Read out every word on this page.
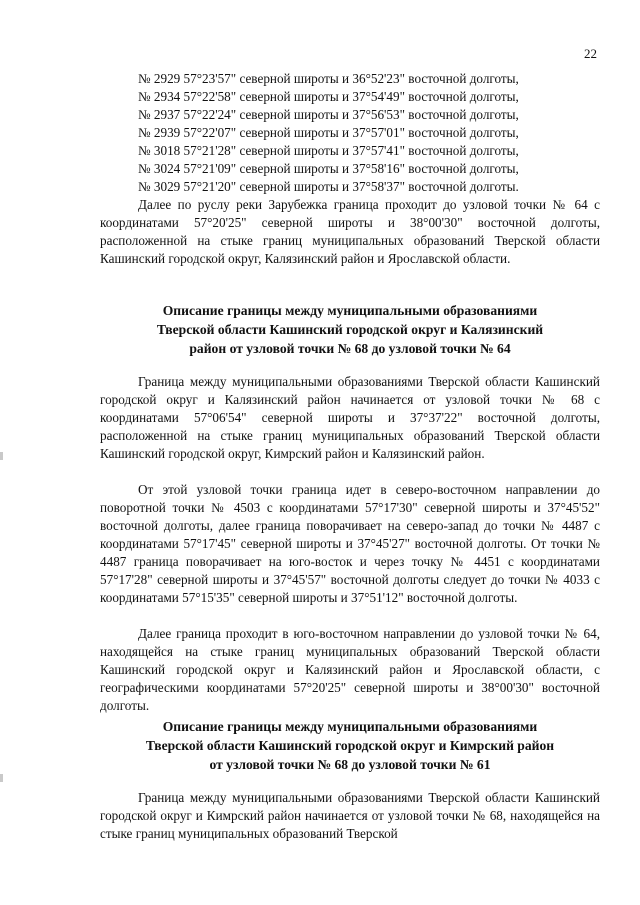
22
№ 2929 57°23'57" северной широты и 36°52'23" восточной долготы,
№ 2934 57°22'58" северной широты и 37°54'49" восточной долготы,
№ 2937 57°22'24" северной широты и 37°56'53" восточной долготы,
№ 2939 57°22'07" северной широты и 37°57'01" восточной долготы,
№ 3018 57°21'28" северной широты и 37°57'41" восточной долготы,
№ 3024 57°21'09" северной широты и 37°58'16" восточной долготы,
№ 3029 57°21'20" северной широты и 37°58'37" восточной долготы.

Далее по руслу реки Зарубежка граница проходит до узловой точки № 64 с координатами 57°20'25" северной широты и 38°00'30" восточной долготы, расположенной на стыке границ муниципальных образований Тверской области Кашинский городской округ, Калязинский район и Ярославской области.

Описание границы между муниципальными образованиями
Тверской области Кашинский городской округ и Калязинский
район от узловой точки № 68 до узловой точки № 64

Граница между муниципальными образованиями Тверской области Кашинский городской округ и Калязинский район начинается от узловой точки № 68 с координатами 57°06'54" северной широты и 37°37'22" восточной долготы, расположенной на стыке границ муниципальных образований Тверской области Кашинский городской округ, Кимрский район и Калязинский район.

От этой узловой точки граница идет в северо-восточном направлении до поворотной точки № 4503 с координатами 57°17'30" северной широты и 37°45'52" восточной долготы, далее граница поворачивает на северо-запад до точки № 4487 с координатами 57°17'45" северной широты и 37°45'27" восточной долготы. От точки № 4487 граница поворачивает на юго-восток и через точку № 4451 с координатами 57°17'28" северной широты и 37°45'57" восточной долготы следует до точки № 4033 с координатами 57°15'35" северной широты и 37°51'12" восточной долготы.

Далее граница проходит в юго-восточном направлении до узловой точки № 64, находящейся на стыке границ муниципальных образований Тверской области Кашинский городской округ и Калязинский район и Ярославской области, с географическими координатами 57°20'25" северной широты и 38°00'30" восточной долготы.

Описание границы между муниципальными образованиями
Тверской области Кашинский городской округ и Кимрский район
от узловой точки № 68 до узловой точки № 61

Граница между муниципальными образованиями Тверской области Кашинский городской округ и Кимрский район начинается от узловой точки № 68, находящейся на стыке границ муниципальных образований Тверской
